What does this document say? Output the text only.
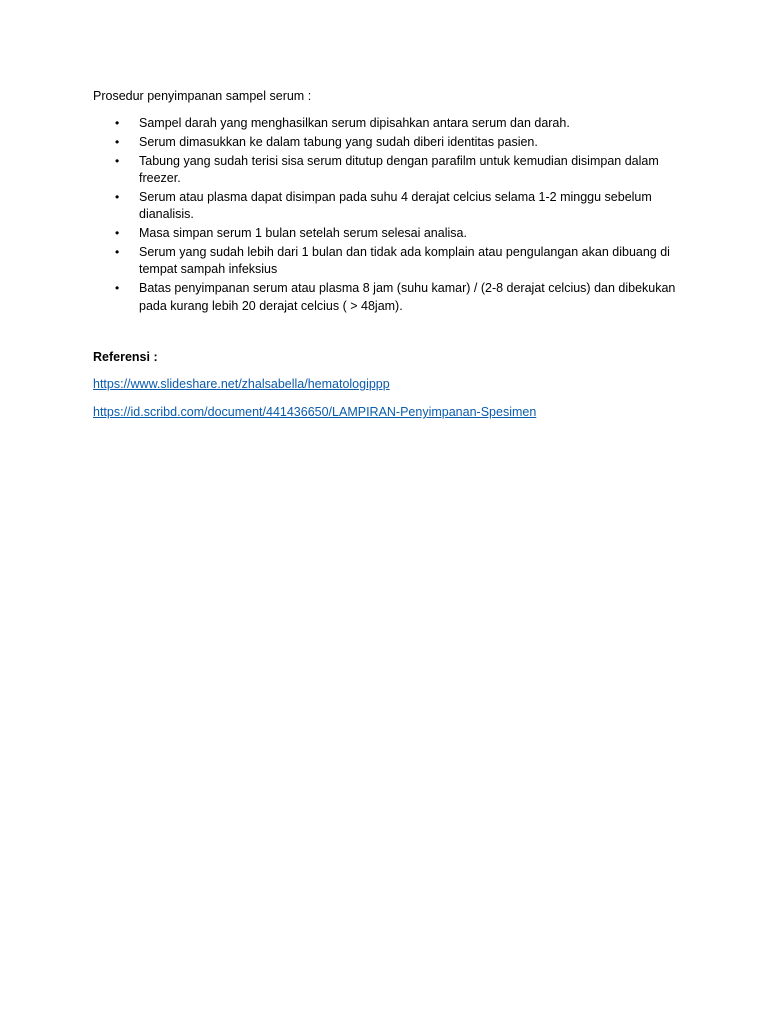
Prosedur penyimpanan sampel serum :

• Sampel darah yang menghasilkan serum dipisahkan antara serum dan darah.
• Serum dimasukkan ke dalam tabung yang sudah diberi identitas pasien.
• Tabung yang sudah terisi sisa serum ditutup dengan parafilm untuk kemudian disimpan dalam freezer.
• Serum atau plasma dapat disimpan pada suhu 4 derajat celcius selama 1-2 minggu sebelum dianalisis.
• Masa simpan serum 1 bulan setelah serum selesai analisa.
• Serum yang sudah lebih dari 1 bulan dan tidak ada komplain atau pengulangan akan dibuang di tempat sampah infeksius
• Batas penyimpanan serum atau plasma 8 jam (suhu kamar) / (2-8 derajat celcius) dan dibekukan pada kurang lebih 20 derajat celcius ( > 48jam).

Referensi :

https://www.slideshare.net/zhalsabella/hematologippp
https://id.scribd.com/document/441436650/LAMPIRAN-Penyimpanan-Spesimen
